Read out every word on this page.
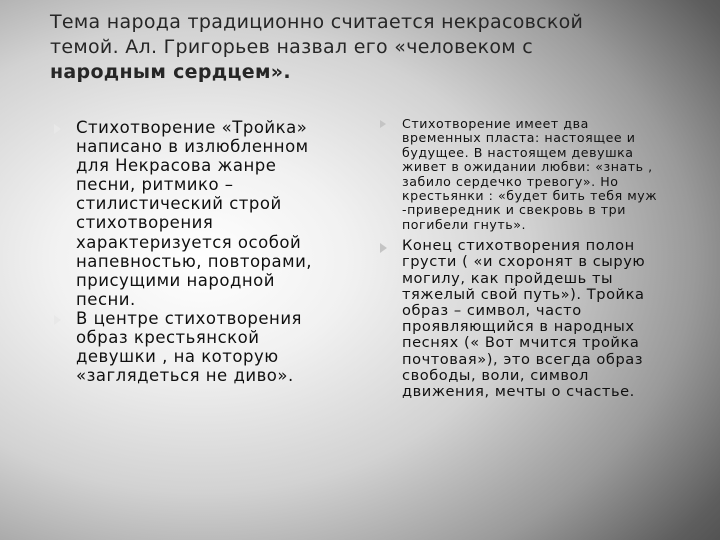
Тема народа традиционно считается некрасовской
темой. Ал. Григорьев назвал его «человеком с
народным сердцем».
Стихотворение «Тройка»
написано в излюбленном
для Некрасова жанре
песни, ритмико –
стилистический строй
стихотворения
характеризуется особой
напевностью, повторами,
присущими народной
песни.
В центре стихотворения
образ крестьянской
девушки , на которую
«заглядеться не диво».
Стихотворение имеет два
временных пласта: настоящее и
будущее. В настоящем девушка
живет в ожидании любви: «знать ,
забило сердечко тревогу». Но
крестьянки : «будет бить тебя муж
-привередник и свекровь в три
погибели гнуть».
Конец стихотворения полон
грусти ( «и схоронят в сырую
могилу, как пройдешь ты
тяжелый свой путь»). Тройка
образ – символ, часто
проявляющийся в народных
песнях (« Вот мчится тройка
почтовая»), это всегда образ
свободы, воли, символ
движения, мечты о счастье.
